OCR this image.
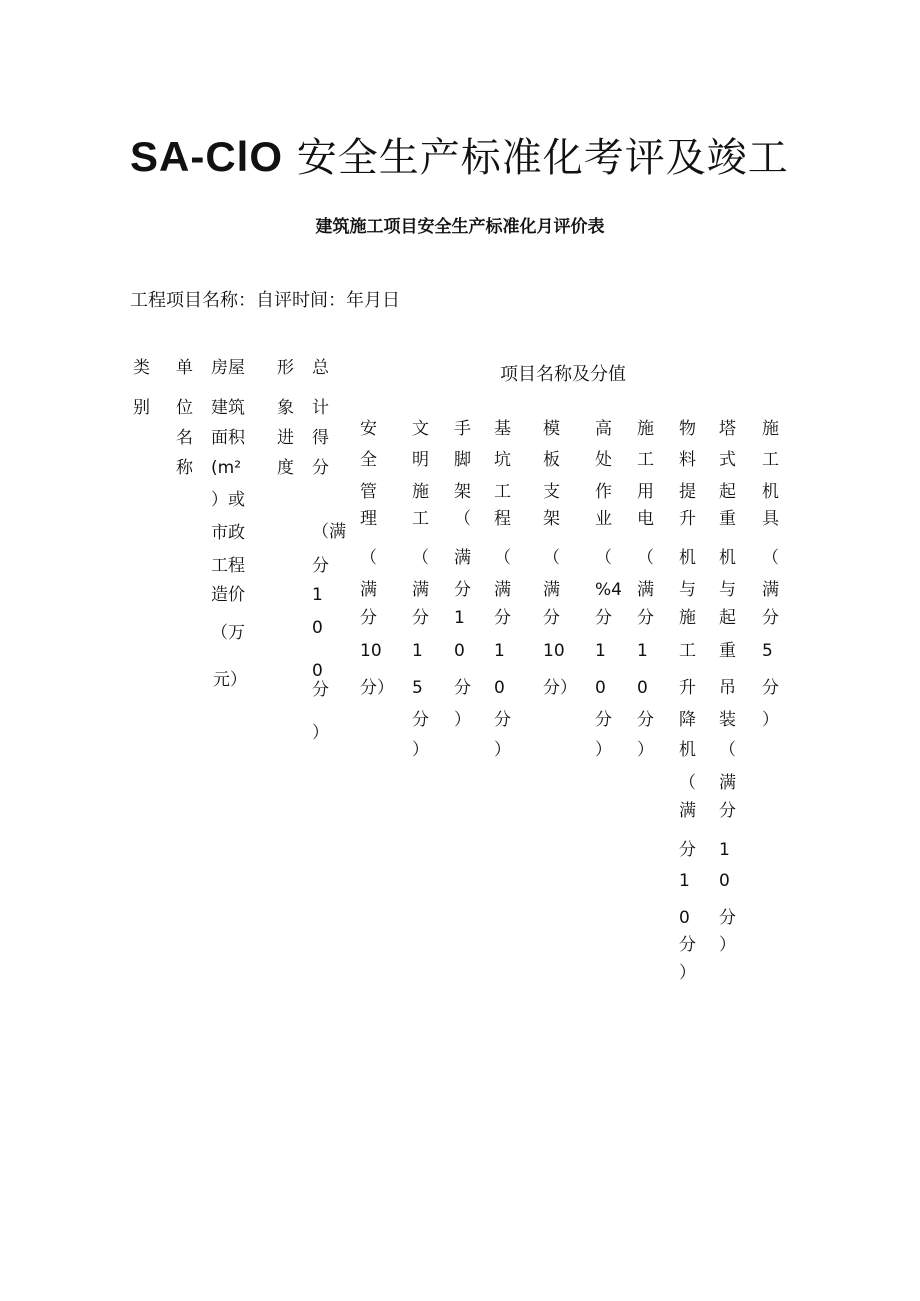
SA-ClO 安全生产标准化考评及竣工
建筑施工项目安全生产标准化月评价表
工程项目名称：自评时间：年月日
项目名称及分值
类
别
单
位
名
称
房屋
建筑
面积
(m²
）或
市政
工程
造价
（万
形
象
进
度
总
计
得
分
（满
分
1
0
0
分
）
安
全
管
理
（
满
分
10
分）
文
明
施
工
（
满
分
1
5
分
）
手
脚
架
（
满
分
1
0
分
）
基
坑
工
程
（
满
分
1
0
分
）
模
板
支
架
（
满
分
10
分）
高
处
作
业
（
%4
分
1
0
分
）
施
工
用
电
（
满
分
1
0
分
）
物
料
提
升
机
与
施
工
升
降
机
（
满
分
1
0
分
）
塔
式
起
重
机
与
起
重
吊
装
（
满
分
1
0
分
）
施
工
机
具
（
满
分
5
分
）
元）
